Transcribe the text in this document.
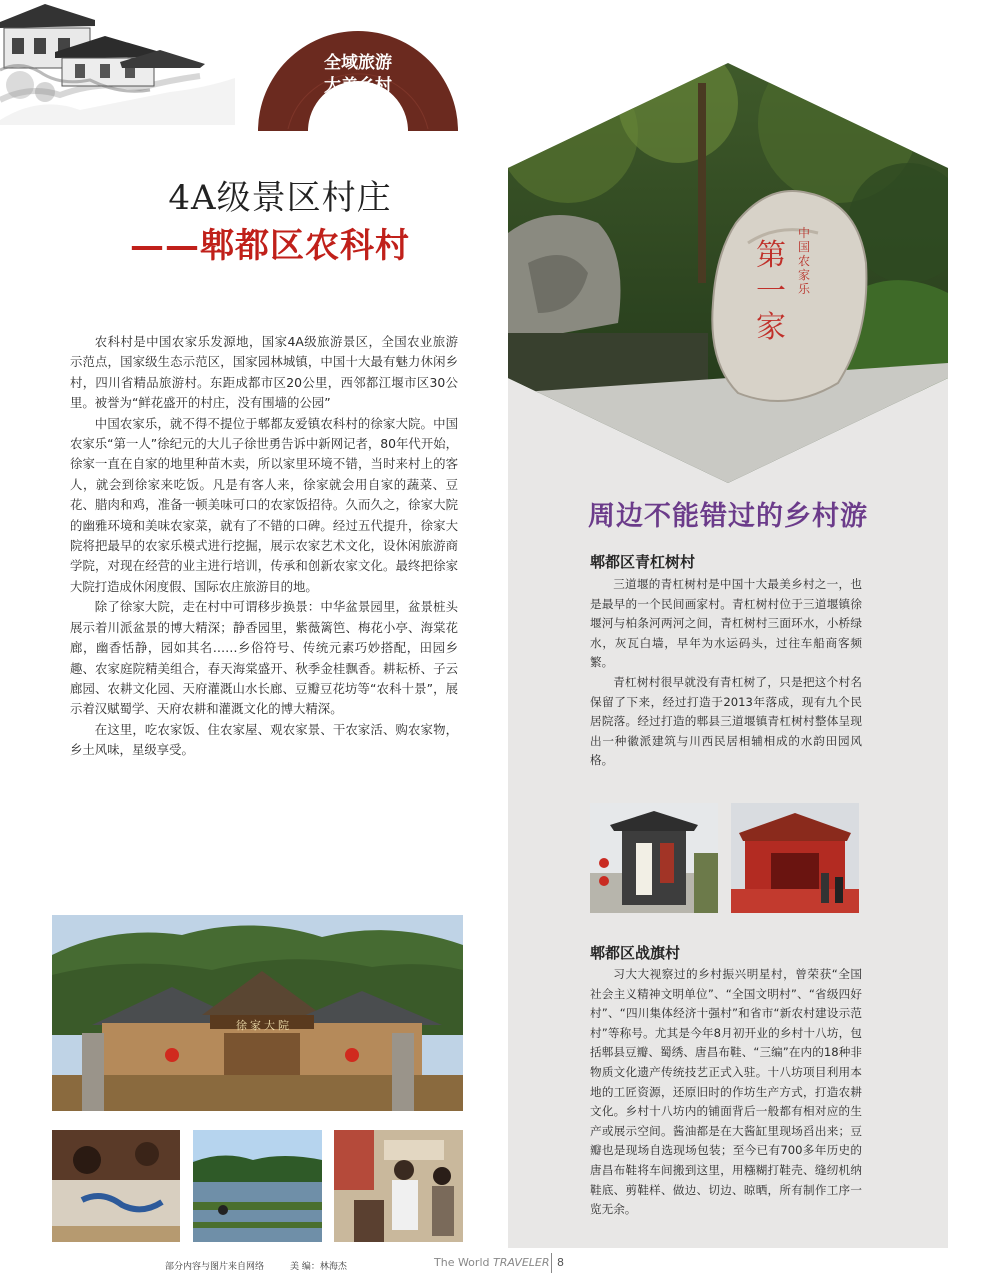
全域旅游
大美乡村
4A级景区村庄
——郫都区农科村

农科村是中国农家乐发源地，国家4A级旅游景区，全国农业旅游示范点，国家级生态示范区，国家园林城镇，中国十大最有魅力休闲乡村，四川省精品旅游村。东距成都市区20公里，西邻都江堰市区30公里。被誉为“鲜花盛开的村庄，没有围墙的公园”

中国农家乐，就不得不提位于郫都友爱镇农科村的徐家大院。中国农家乐“第一人”徐纪元的大儿子徐世勇告诉中新网记者，80年代开始，徐家一直在自家的地里种苗木卖，所以家里环境不错，当时来村上的客人，就会到徐家来吃饭。凡是有客人来，徐家就会用自家的蔬菜、豆花、腊肉和鸡，准备一顿美味可口的农家饭招待。久而久之，徐家大院的幽雅环境和美味农家菜，就有了不错的口碑。经过五代提升，徐家大院将把最早的农家乐模式进行挖掘，展示农家艺术文化，设休闲旅游商学院，对现在经营的业主进行培训，传承和创新农家文化。最终把徐家大院打造成休闲度假、国际农庄旅游目的地。

除了徐家大院，走在村中可谓移步换景：中华盆景园里，盆景桩头展示着川派盆景的博大精深；静香园里，紫薇篱笆、梅花小亭、海棠花廊，幽香恬静，园如其名……乡俗符号、传统元素巧妙搭配，田园乡趣、农家庭院精美组合，春天海棠盛开、秋季金桂飘香。耕耘桥、子云廊园、农耕文化园、天府灌溉山水长廊、豆瓣豆花坊等“农科十景”，展示着汉赋蜀学、天府农耕和灌溉文化的博大精深。

在这里，吃农家饭、住农家屋、观农家景、干农家活、购农家物，乡土风味，星级享受。

中国农家乐
第一家
周边不能错过的乡村游
郫都区青杠树村

三道堰的青杠树村是中国十大最美乡村之一，也是最早的一个民间画家村。青杠树村位于三道堰镇徐堰河与柏条河两河之间，青杠树村三面环水，小桥绿水，灰瓦白墙，早年为水运码头，过往车船商客频繁。

青杠树村很早就没有青杠树了，只是把这个村名保留了下来，经过打造于2013年落成，现有九个民居院落。经过打造的郫县三道堰镇青杠树村整体呈现出一种徽派建筑与川西民居相辅相成的水韵田园风格。

郫都区战旗村

习大大视察过的乡村振兴明星村，曾荣获“全国社会主义精神文明单位”、“全国文明村”、“省级四好村”、“四川集体经济十强村”和省市“新农村建设示范村”等称号。尤其是今年8月初开业的乡村十八坊，包括郫县豆瓣、蜀绣、唐昌布鞋、“三编”在内的18种非物质文化遗产传统技艺正式入驻。十八坊项目利用本地的工匠资源，还原旧时的作坊生产方式，打造农耕文化。乡村十八坊内的铺面背后一般都有相对应的生产或展示空间。酱油都是在大酱缸里现场舀出来；豆瓣也是现场自选现场包装；至今已有700多年历史的唐昌布鞋将车间搬到这里，用糨糊打鞋壳、缝纫机纳鞋底、剪鞋样、做边、切边、晾晒，所有制作工序一览无余。

徐家大院
部分内容与图片来自网络	美 编：林海杰	The World TRAVELER 8
